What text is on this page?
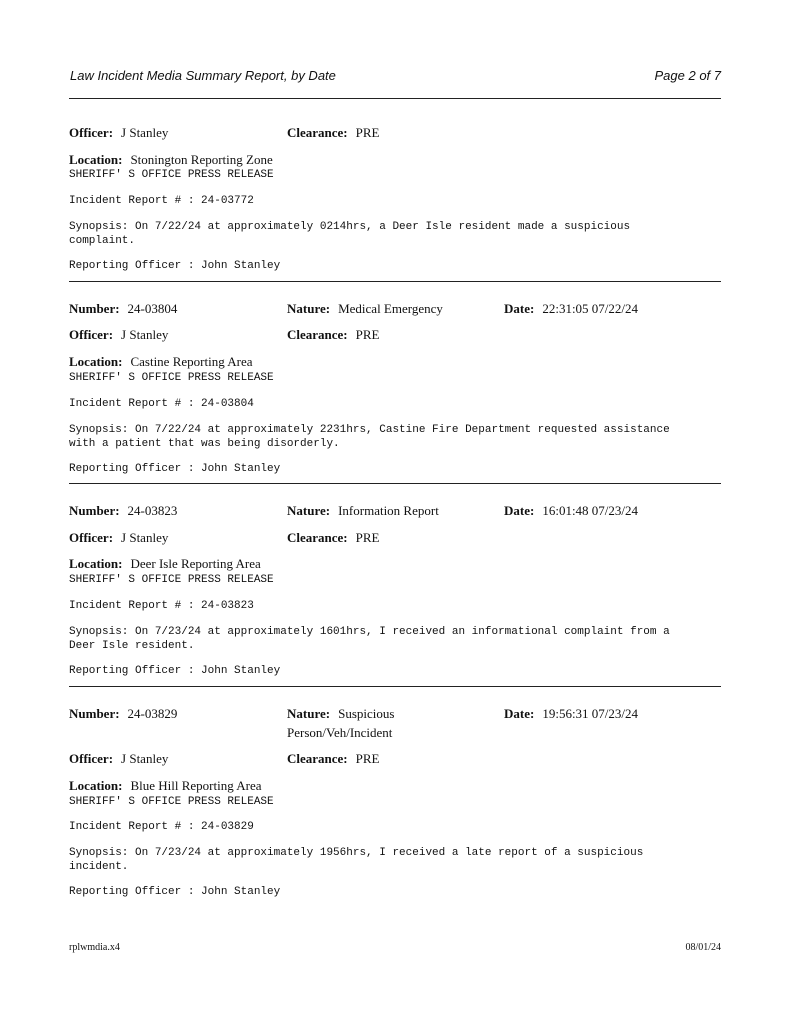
Law Incident Media Summary Report, by Date	Page 2 of 7
Officer: J Stanley	Clearance: PRE
Location: Stonington Reporting Zone
SHERIFF' S OFFICE PRESS RELEASE
Incident Report # : 24-03772
Synopsis: On 7/22/24 at approximately 0214hrs, a Deer Isle resident made a suspicious
complaint.
Reporting Officer : John Stanley
Number: 24-03804	Nature: Medical Emergency	Date: 22:31:05 07/22/24
Officer: J Stanley	Clearance: PRE
Location: Castine Reporting Area
SHERIFF' S OFFICE PRESS RELEASE
Incident Report # : 24-03804
Synopsis: On 7/22/24 at approximately 2231hrs, Castine Fire Department requested assistance
with a patient that was being disorderly.
Reporting Officer : John Stanley
Number: 24-03823	Nature: Information Report	Date: 16:01:48 07/23/24
Officer: J Stanley	Clearance: PRE
Location: Deer Isle Reporting Area
SHERIFF' S OFFICE PRESS RELEASE
Incident Report # : 24-03823
Synopsis: On 7/23/24 at approximately 1601hrs, I received an informational complaint from a
Deer Isle resident.
Reporting Officer : John Stanley
Number: 24-03829	Nature: Suspicious
Person/Veh/Incident
Date: 19:56:31 07/23/24
Officer: J Stanley	Clearance: PRE
Location: Blue Hill Reporting Area
SHERIFF' S OFFICE PRESS RELEASE
Incident Report # : 24-03829
Synopsis: On 7/23/24 at approximately 1956hrs, I received a late report of a suspicious
incident.
Reporting Officer : John Stanley
rplwmdia.x4	08/01/24
